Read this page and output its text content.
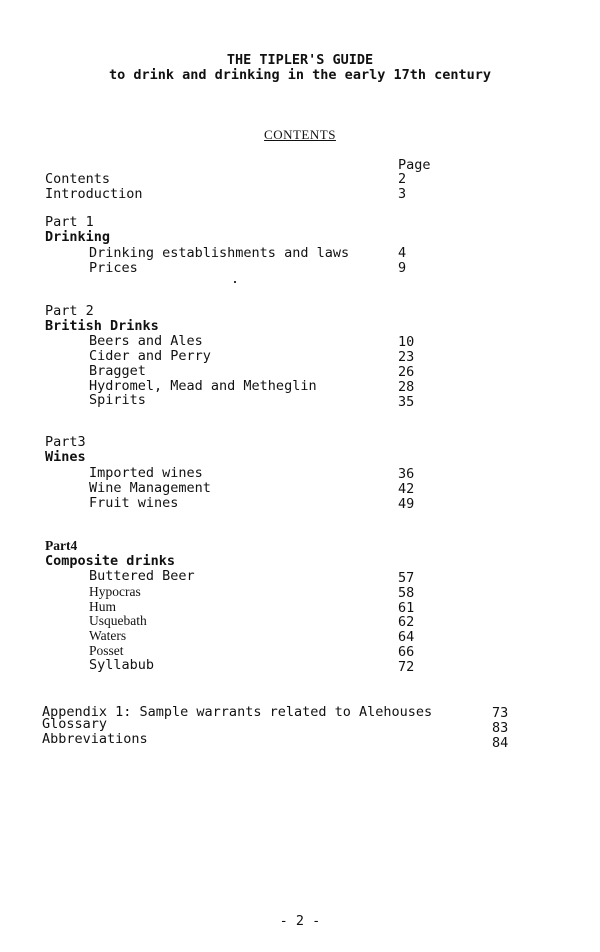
THE TIPLER'S GUIDE
to drink and drinking in the early 17th century
CONTENTS
Page
Contents	2
Introduction	3
Part 1
Drinking
Drinking establishments and laws	4
Prices	9
Part 2
British Drinks
Beers and Ales	10
Cider and Perry	23
Bragget	26
Hydromel, Mead and Metheglin	28
Spirits	35
Part3
Wines
Imported wines	36
Wine Management	42
Fruit wines	49
Part4
Composite drinks
Buttered Beer	57
Hypocras	58
Hum	61
Usquebath	62
Waters	64
Posset	66
Syllabub	72
Appendix 1: Sample warrants related to Alehouses	73
Glossary	83
Abbreviations	84
- 2 -
